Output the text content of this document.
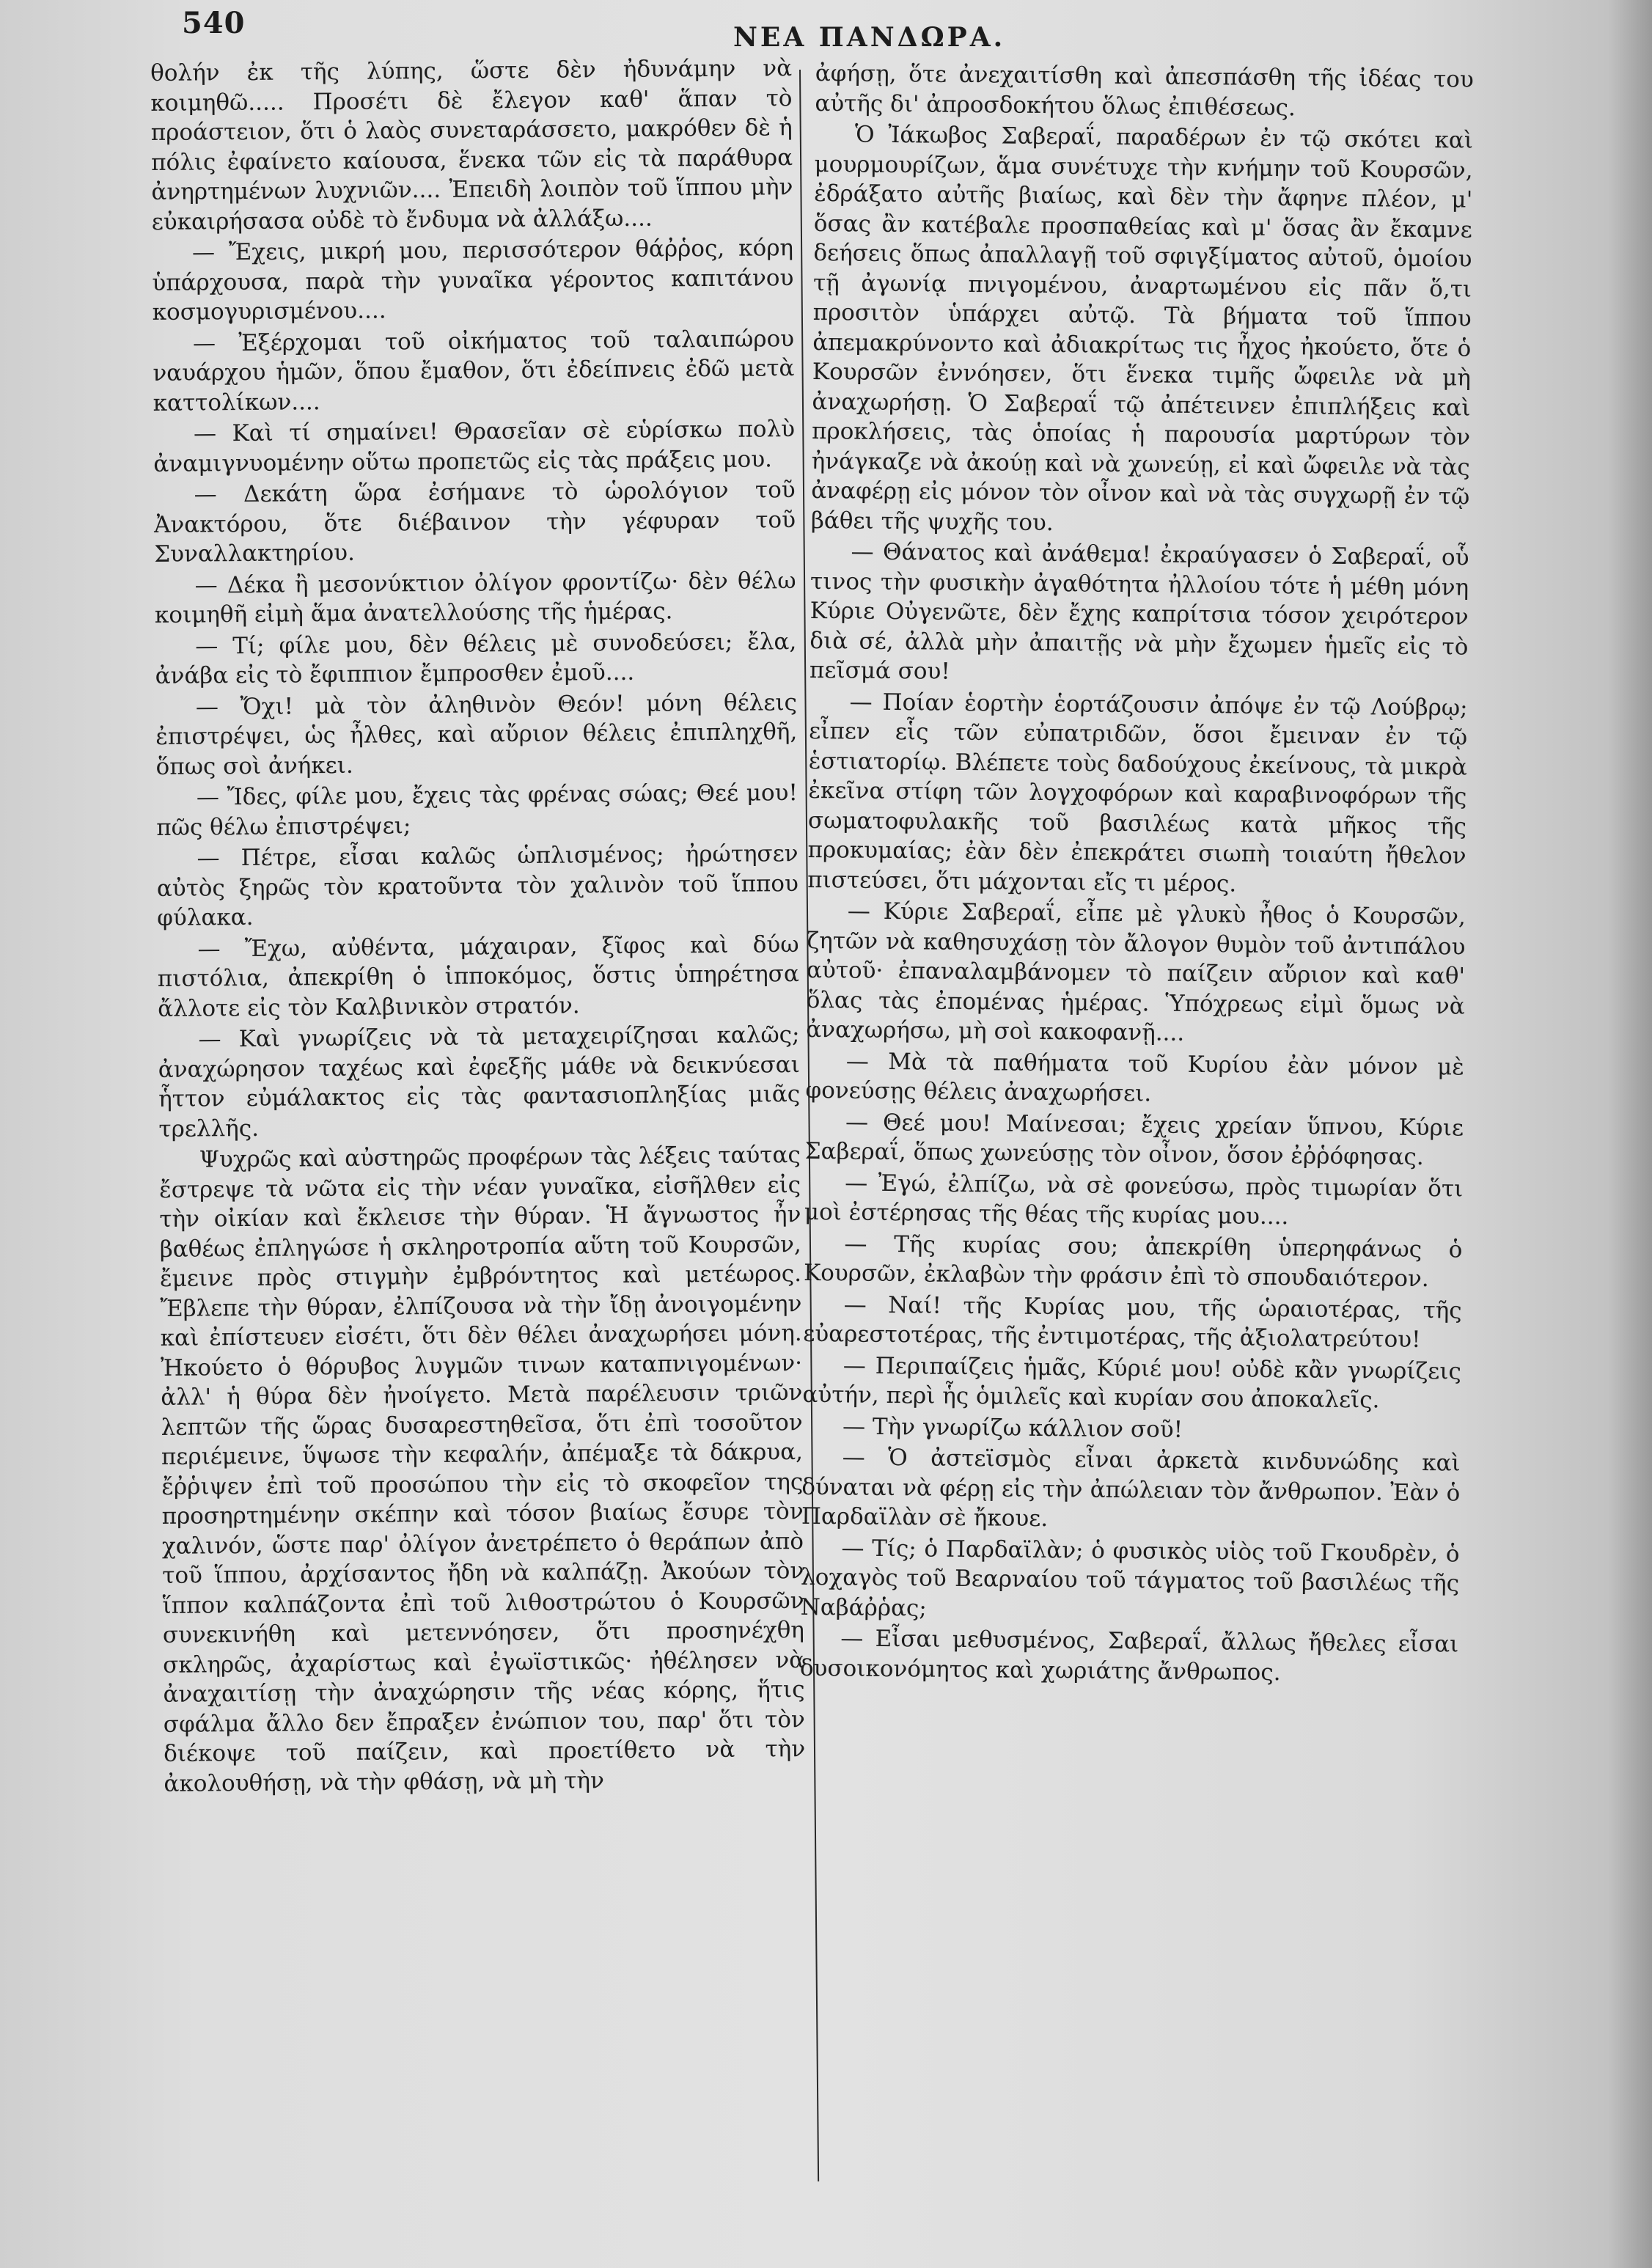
540	ΝΕΑ ΠΑΝΔΩΡΑ.

θολήν ἐκ τῆς λύπης, ὥστε δὲν ἠδυνάμην νὰ κοιμηθῶ..... Προσέτι δὲ ἔλεγον καθ' ἅπαν τὸ προάστειον, ὅτι ὁ λαὸς συνεταράσσετο, μακρόθεν δὲ ἡ πόλις ἐφαίνετο καίουσα, ἕνεκα τῶν εἰς τὰ παράθυρα ἀνηρτημένων λυχνιῶν.... Ἐπειδὴ λοιπὸν τοῦ ἵππου μὴν εὐκαιρήσασα οὐδὲ τὸ ἔνδυμα νὰ ἀλλάξω....

— Ἔχεις, μικρή μου, περισσότερον θάῤῥος, κόρη ὑπάρχουσα, παρὰ τὴν γυναῖκα γέροντος καπιτάνου κοσμογυρισμένου....

— Ἐξέρχομαι τοῦ οἰκήματος τοῦ ταλαιπώρου ναυάρχου ἡμῶν, ὅπου ἔμαθον, ὅτι ἐδείπνεις ἐδῶ μετὰ καττολίκων....

— Καὶ τί σημαίνει! Θρασεῖαν σὲ εὑρίσκω πολὺ ἀναμιγνυομένην οὕτω προπετῶς εἰς τὰς πράξεις μου.

— Δεκάτη ὥρα ἐσήμανε τὸ ὡρολόγιον τοῦ Ἀνακτόρου, ὅτε διέβαινον τὴν γέφυραν τοῦ Συναλλακτηρίου.

— Δέκα ἢ μεσονύκτιον ὀλίγον φροντίζω· δὲν θέλω κοιμηθῆ εἰμὴ ἅμα ἀνατελλούσης τῆς ἡμέρας.

— Τί; φίλε μου, δὲν θέλεις μὲ συνοδεύσει; ἔλα, ἀνάβα εἰς τὸ ἔφιππιον ἔμπροσθεν ἐμοῦ....

— Ὄχι! μὰ τὸν ἀληθινὸν Θεόν! μόνη θέλεις ἐπιστρέψει, ὡς ἦλθες, καὶ αὔριον θέλεις ἐπιπληχθῆ, ὅπως σοὶ ἀνήκει.

— Ἴδες, φίλε μου, ἔχεις τὰς φρένας σώας; Θεέ μου! πῶς θέλω ἐπιστρέψει;

— Πέτρε, εἶσαι καλῶς ὡπλισμένος; ἠρώτησεν αὐτὸς ξηρῶς τὸν κρατοῦντα τὸν χαλινὸν τοῦ ἵππου φύλακα.

— Ἔχω, αὐθέντα, μάχαιραν, ξῖφος καὶ δύω πιστόλια, ἀπεκρίθη ὁ ἱπποκόμος, ὅστις ὑπηρέτησα ἄλλοτε εἰς τὸν Καλβινικὸν στρατόν.

— Καὶ γνωρίζεις νὰ τὰ μεταχειρίζησαι καλῶς; ἀναχώρησον ταχέως καὶ ἐφεξῆς μάθε νὰ δεικνύεσαι ἧττον εὐμάλακτος εἰς τὰς φαντασιοπληξίας μιᾶς τρελλῆς.

Ψυχρῶς καὶ αὐστηρῶς προφέρων τὰς λέξεις ταύτας ἔστρεψε τὰ νῶτα εἰς τὴν νέαν γυναῖκα, εἰσῆλθεν εἰς τὴν οἰκίαν καὶ ἔκλεισε τὴν θύραν. Ἡ ἄγνωστος ἦν βαθέως ἐπληγώσε ἡ σκληροτροπία αὕτη τοῦ Κουρσῶν, ἔμεινε πρὸς στιγμὴν ἐμβρόντητος καὶ μετέωρος. Ἔβλεπε τὴν θύραν, ἐλπίζουσα νὰ τὴν ἴδῃ ἀνοιγομένην καὶ ἐπίστευεν εἰσέτι, ὅτι δὲν θέλει ἀναχωρήσει μόνη. Ἠκούετο ὁ θόρυβος λυγμῶν τινων καταπνιγομένων· ἀλλ' ἡ θύρα δὲν ἠνοίγετο. Μετὰ παρέλευσιν τριῶν λεπτῶν τῆς ὥρας δυσαρεστηθεῖσα, ὅτι ἐπὶ τοσοῦτον περιέμεινε, ὕψωσε τὴν κεφαλήν, ἀπέμαξε τὰ δάκρυα, ἔῤῥιψεν ἐπὶ τοῦ προσώπου τὴν εἰς τὸ σκοφεῖον της προσηρτημένην σκέπην καὶ τόσον βιαίως ἔσυρε τὸν χαλινόν, ὥστε παρ' ὀλίγον ἀνετρέπετο ὁ θεράπων ἀπὸ τοῦ ἵππου, ἀρχίσαντος ἤδη νὰ καλπάζῃ. Ἀκούων τὸν ἵππον καλπάζοντα ἐπὶ τοῦ λιθοστρώτου ὁ Κουρσῶν συνεκινήθη καὶ μετεννόησεν, ὅτι προσηνέχθη σκληρῶς, ἀχαρίστως καὶ ἐγωϊστικῶς· ἠθέλησεν νὰ ἀναχαιτίσῃ τὴν ἀναχώρησιν τῆς νέας κόρης, ἥτις σφάλμα ἄλλο δεν ἔπραξεν ἐνώπιον του, παρ' ὅτι τὸν διέκοψε τοῦ παίζειν, καὶ προετίθετο νὰ τὴν ἀκολουθήσῃ, νὰ τὴν φθάσῃ, νὰ μὴ τὴν

ἀφήσῃ, ὅτε ἀνεχαιτίσθη καὶ ἀπεσπάσθη τῆς ἰδέας του αὐτῆς δι' ἀπροσδοκήτου ὅλως ἐπιθέσεως.

Ὁ Ἰάκωβος Σαβεραΐ, παραδέρων ἐν τῷ σκότει καὶ μουρμουρίζων, ἅμα συνέτυχε τὴν κνήμην τοῦ Κουρσῶν, ἐδράξατο αὐτῆς βιαίως, καὶ δὲν τὴν ἄφηνε πλέον, μ' ὅσας ἂν κατέβαλε προσπαθείας καὶ μ' ὅσας ἂν ἔκαμνε δεήσεις ὅπως ἀπαλλαγῇ τοῦ σφιγξίματος αὐτοῦ, ὁμοίου τῇ ἀγωνίᾳ πνιγομένου, ἀναρτωμένου εἰς πᾶν ὅ,τι προσιτὸν ὑπάρχει αὐτῷ. Τὰ βήματα τοῦ ἵππου ἀπεμακρύνοντο καὶ ἀδιακρίτως τις ἦχος ἠκούετο, ὅτε ὁ Κουρσῶν ἐννόησεν, ὅτι ἕνεκα τιμῆς ὤφειλε νὰ μὴ ἀναχωρήσῃ. Ὁ Σαβεραΐ τῷ ἀπέτεινεν ἐπιπλήξεις καὶ προκλήσεις, τὰς ὁποίας ἡ παρουσία μαρτύρων τὸν ἠνάγκαζε νὰ ἀκούῃ καὶ νὰ χωνεύῃ, εἰ καὶ ὤφειλε νὰ τὰς ἀναφέρῃ εἰς μόνον τὸν οἶνον καὶ νὰ τὰς συγχωρῇ ἐν τῷ βάθει τῆς ψυχῆς του.

— Θάνατος καὶ ἀνάθεμα! ἐκραύγασεν ὁ Σαβεραΐ, οὗ τινος τὴν φυσικὴν ἀγαθότητα ἠλλοίου τότε ἡ μέθη μόνη Κύριε Οὐγενῶτε, δὲν ἔχης καπρίτσια τόσον χειρότερον διὰ σέ, ἀλλὰ μὴν ἀπαιτῇς νὰ μὴν ἔχωμεν ἡμεῖς εἰς τὸ πεῖσμά σου!

— Ποίαν ἑορτὴν ἑορτάζουσιν ἀπόψε ἐν τῷ Λούβρῳ; εἶπεν εἷς τῶν εὐπατριδῶν, ὅσοι ἔμειναν ἐν τῷ ἑστιατορίῳ. Βλέπετε τοὺς δαδούχους ἐκείνους, τὰ μικρὰ ἐκεῖνα στίφη τῶν λογχοφόρων καὶ καραβινοφόρων τῆς σωματοφυλακῆς τοῦ βασιλέως κατὰ μῆκος τῆς προκυμαίας; ἐὰν δὲν ἐπεκράτει σιωπὴ τοιαύτη ἤθελον πιστεύσει, ὅτι μάχονται εἴς τι μέρος.

— Κύριε Σαβεραΐ, εἶπε μὲ γλυκὺ ἦθος ὁ Κουρσῶν, ζητῶν νὰ καθησυχάσῃ τὸν ἄλογον θυμὸν τοῦ ἀντιπάλου αὐτοῦ· ἐπαναλαμβάνομεν τὸ παίζειν αὔριον καὶ καθ' ὅλας τὰς ἐπομένας ἡμέρας. Ὑπόχρεως εἰμὶ ὅμως νὰ ἀναχωρήσω, μὴ σοὶ κακοφανῇ....

— Μὰ τὰ παθήματα τοῦ Κυρίου ἐὰν μόνον μὲ φονεύσῃς θέλεις ἀναχωρήσει.

— Θεέ μου! Μαίνεσαι; ἔχεις χρείαν ὕπνου, Κύριε Σαβεραΐ, ὅπως χωνεύσῃς τὸν οἶνον, ὅσον ἐῤῥόφησας.

— Ἐγώ, ἐλπίζω, νὰ σὲ φονεύσω, πρὸς τιμωρίαν ὅτι μοὶ ἐστέρησας τῆς θέας τῆς κυρίας μου....

— Τῆς κυρίας σου; ἀπεκρίθη ὑπερηφάνως ὁ Κουρσῶν, ἐκλαβὼν τὴν φράσιν ἐπὶ τὸ σπουδαιότερον.

— Ναί! τῆς Κυρίας μου, τῆς ὡραιοτέρας, τῆς εὐαρεστοτέρας, τῆς ἐντιμοτέρας, τῆς ἀξιολατρεύτου!

— Περιπαίζεις ἡμᾶς, Κύριέ μου! οὐδὲ κἂν γνωρίζεις αὐτήν, περὶ ἧς ὁμιλεῖς καὶ κυρίαν σου ἀποκαλεῖς.

— Τὴν γνωρίζω κάλλιον σοῦ!

— Ὁ ἀστεϊσμὸς εἶναι ἀρκετὰ κινδυνώδης καὶ δύναται νὰ φέρῃ εἰς τὴν ἀπώλειαν τὸν ἄνθρωπον. Ἐὰν ὁ Παρδαϊλὰν σὲ ἤκουε.

— Τίς; ὁ Παρδαϊλὰν; ὁ φυσικὸς υἱὸς τοῦ Γκουδρὲν, ὁ λοχαγὸς τοῦ Βεαρναίου τοῦ τάγματος τοῦ βασιλέως τῆς Ναβάῤῥας;

— Εἶσαι μεθυσμένος, Σαβεραΐ, ἄλλως ἤθελες εἶσαι δυσοικονόμητος καὶ χωριάτης ἄνθρωπος.
